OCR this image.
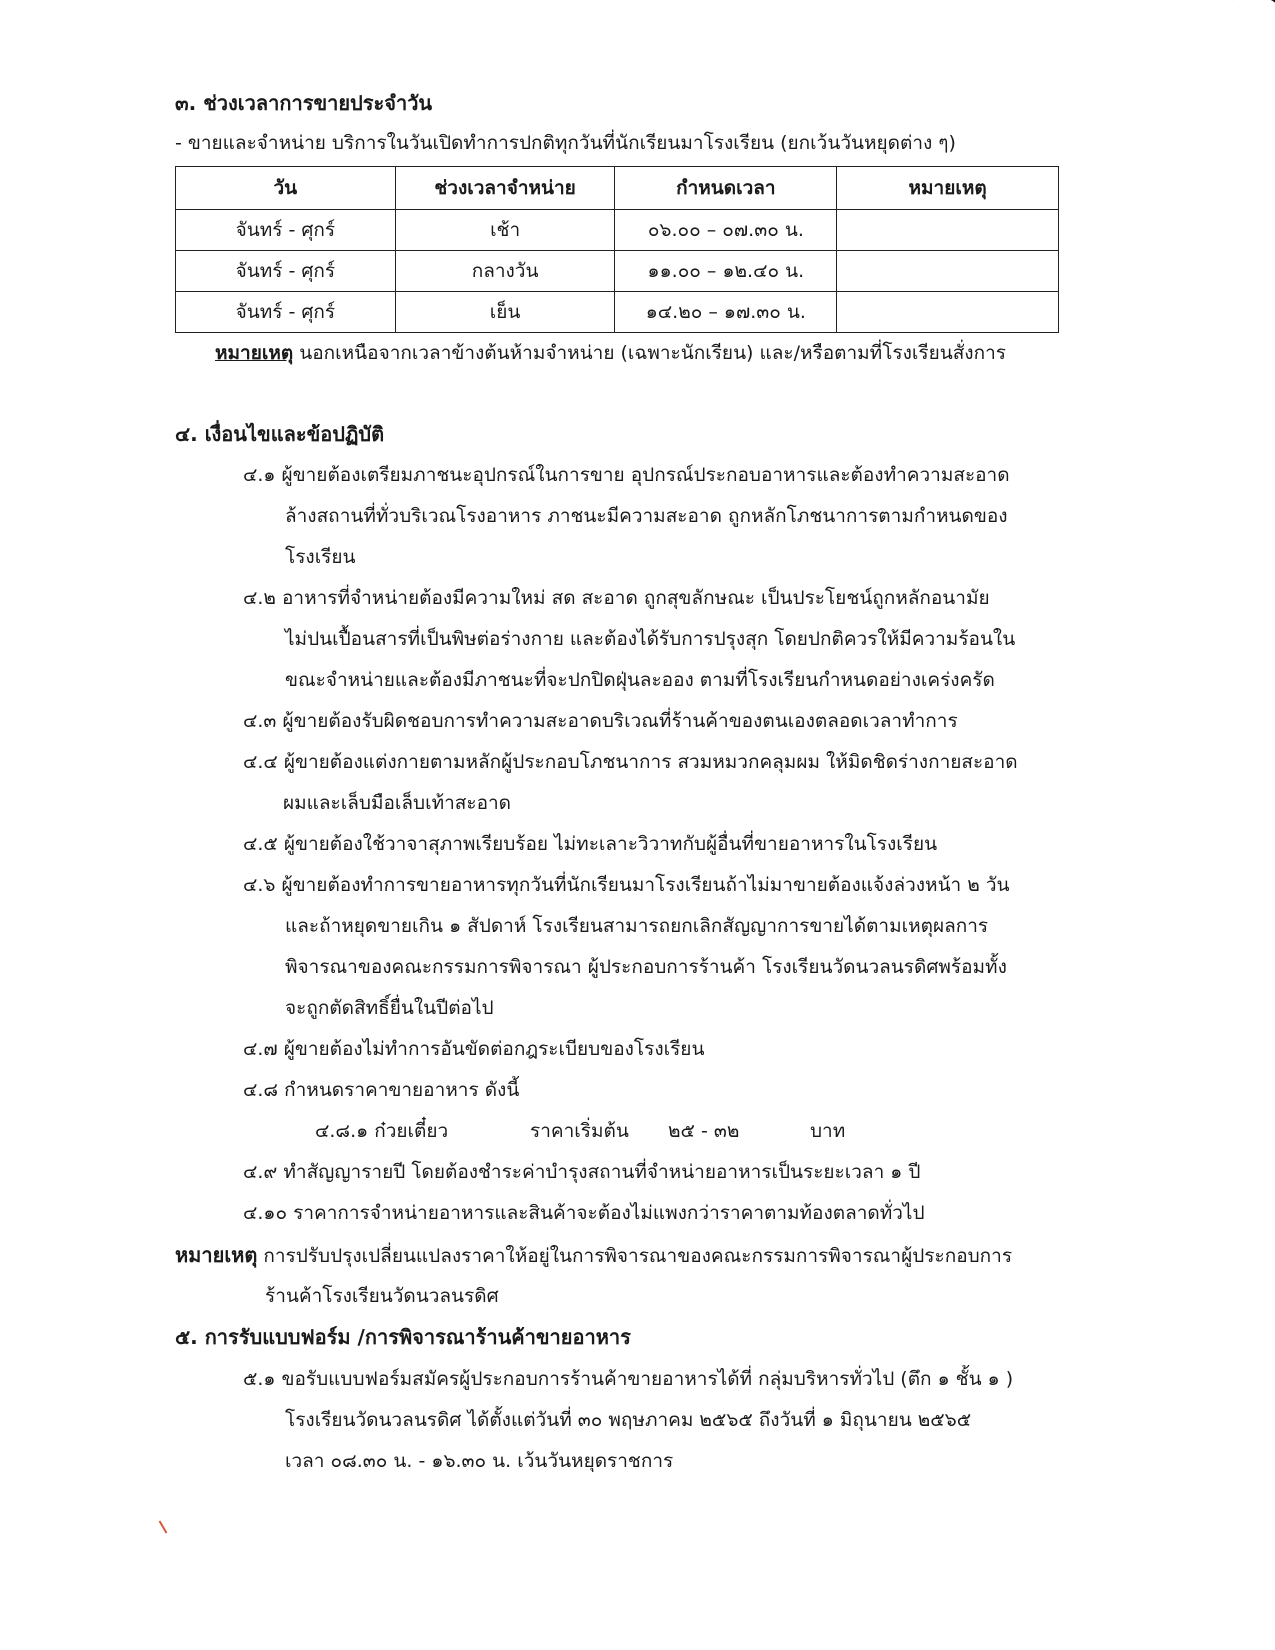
๓. ช่วงเวลาการขายประจำวัน
- ขายและจำหน่าย บริการในวันเปิดทำการปกติทุกวันที่นักเรียนมาโรงเรียน (ยกเว้นวันหยุดต่าง ๆ)
วัน	ช่วงเวลาจำหน่าย	กำหนดเวลา	หมายเหตุ
จันทร์ - ศุกร์	เช้า	๐๖.๐๐ – ๐๗.๓๐ น.	
จันทร์ - ศุกร์	กลางวัน	๑๑.๐๐ – ๑๒.๔๐ น.	
จันทร์ - ศุกร์	เย็น	๑๔.๒๐ – ๑๗.๓๐ น.	
หมายเหตุ นอกเหนือจากเวลาข้างต้นห้ามจำหน่าย (เฉพาะนักเรียน) และ/หรือตามที่โรงเรียนสั่งการ
๔. เงื่อนไขและข้อปฏิบัติ
๔.๑ ผู้ขายต้องเตรียมภาชนะอุปกรณ์ในการขาย อุปกรณ์ประกอบอาหารและต้องทำความสะอาด
ล้างสถานที่ทั่วบริเวณโรงอาหาร ภาชนะมีความสะอาด ถูกหลักโภชนาการตามกำหนดของ
โรงเรียน
๔.๒ อาหารที่จำหน่ายต้องมีความใหม่ สด สะอาด ถูกสุขลักษณะ เป็นประโยชน์ถูกหลักอนามัย
ไม่ปนเปื้อนสารที่เป็นพิษต่อร่างกาย และต้องได้รับการปรุงสุก โดยปกติควรให้มีความร้อนใน
ขณะจำหน่ายและต้องมีภาชนะที่จะปกปิดฝุ่นละออง ตามที่โรงเรียนกำหนดอย่างเคร่งครัด
๔.๓ ผู้ขายต้องรับผิดชอบการทำความสะอาดบริเวณที่ร้านค้าของตนเองตลอดเวลาทำการ
๔.๔ ผู้ขายต้องแต่งกายตามหลักผู้ประกอบโภชนาการ สวมหมวกคลุมผม ให้มิดชิดร่างกายสะอาด
ผมและเล็บมือเล็บเท้าสะอาด
๔.๕ ผู้ขายต้องใช้วาจาสุภาพเรียบร้อย ไม่ทะเลาะวิวาทกับผู้อื่นที่ขายอาหารในโรงเรียน
๔.๖ ผู้ขายต้องทำการขายอาหารทุกวันที่นักเรียนมาโรงเรียนถ้าไม่มาขายต้องแจ้งล่วงหน้า ๒ วัน
และถ้าหยุดขายเกิน ๑ สัปดาห์ โรงเรียนสามารถยกเลิกสัญญาการขายได้ตามเหตุผลการ
พิจารณาของคณะกรรมการพิจารณา ผู้ประกอบการร้านค้า โรงเรียนวัดนวลนรดิศพร้อมทั้ง
จะถูกตัดสิทธิ์ยื่นในปีต่อไป
๔.๗ ผู้ขายต้องไม่ทำการอันขัดต่อกฎระเบียบของโรงเรียน
๔.๘ กำหนดราคาขายอาหาร ดังนี้
๔.๘.๑ ก๋วยเตี๋ยว	ราคาเริ่มต้น ๒๕ - ๓๒	บาท
๔.๙ ทำสัญญารายปี โดยต้องชำระค่าบำรุงสถานที่จำหน่ายอาหารเป็นระยะเวลา ๑ ปี
๔.๑๐ ราคาการจำหน่ายอาหารและสินค้าจะต้องไม่แพงกว่าราคาตามท้องตลาดทั่วไป
หมายเหตุ การปรับปรุงเปลี่ยนแปลงราคาให้อยู่ในการพิจารณาของคณะกรรมการพิจารณาผู้ประกอบการ
ร้านค้าโรงเรียนวัดนวลนรดิศ
๕. การรับแบบฟอร์ม /การพิจารณาร้านค้าขายอาหาร
๕.๑ ขอรับแบบฟอร์มสมัครผู้ประกอบการร้านค้าขายอาหารได้ที่ กลุ่มบริหารทั่วไป (ตึก ๑ ชั้น ๑ )
โรงเรียนวัดนวลนรดิศ ได้ตั้งแต่วันที่ ๓๐ พฤษภาคม ๒๕๖๕ ถึงวันที่ ๑ มิถุนายน ๒๕๖๕
เวลา ๐๘.๓๐ น. - ๑๖.๓๐ น. เว้นวันหยุดราชการ
